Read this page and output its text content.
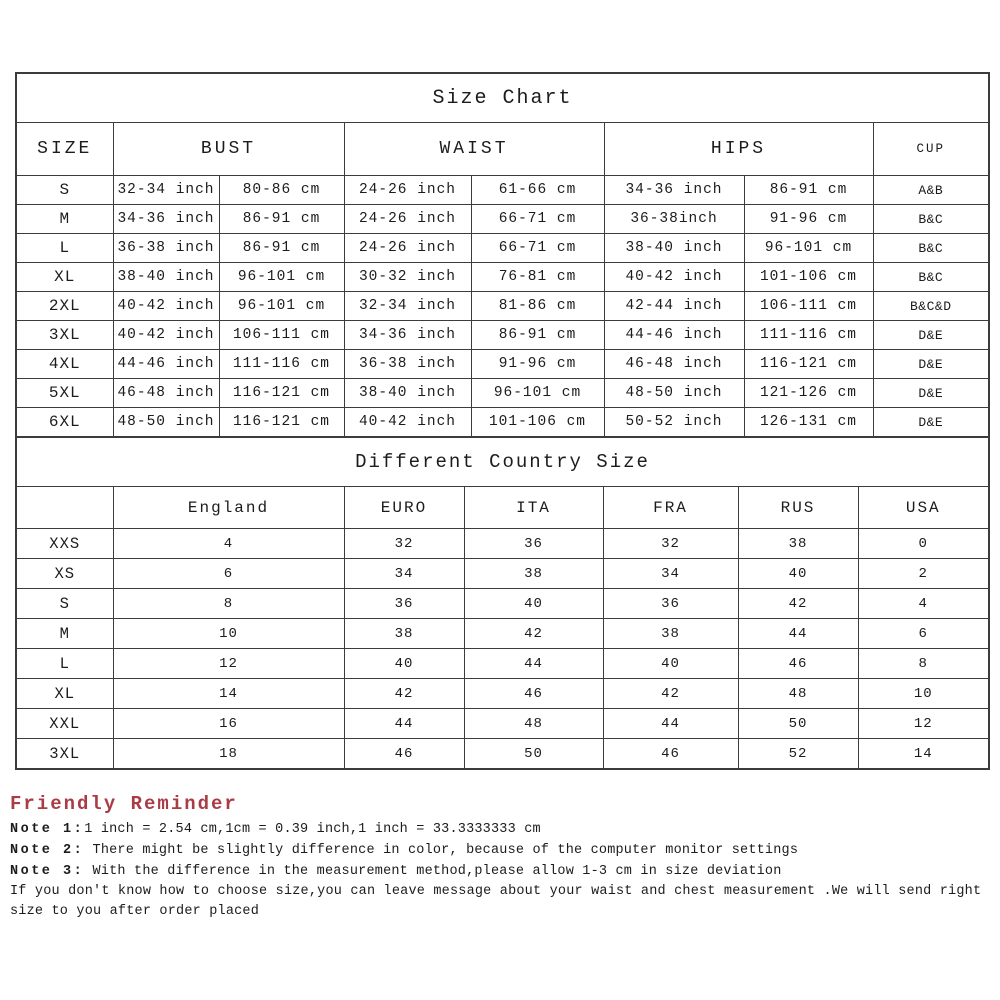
Size Chart							
SIZE	BUST		WAIST		HIPS		CUP
S	32-34 inch	80-86 cm	24-26 inch	61-66 cm	34-36 inch	86-91 cm	A&B
M	34-36 inch	86-91 cm	24-26 inch	66-71 cm	36-38inch	91-96 cm	B&C
L	36-38 inch	86-91 cm	24-26 inch	66-71 cm	38-40 inch	96-101 cm	B&C
XL	38-40 inch	96-101 cm	30-32 inch	76-81 cm	40-42 inch	101-106 cm	B&C
2XL	40-42 inch	96-101 cm	32-34 inch	81-86 cm	42-44 inch	106-111 cm	B&C&D
3XL	40-42 inch	106-111 cm	34-36 inch	86-91 cm	44-46 inch	111-116 cm	D&E
4XL	44-46 inch	111-116 cm	36-38 inch	91-96 cm	46-48 inch	116-121 cm	D&E
5XL	46-48 inch	116-121 cm	38-40 inch	96-101 cm	48-50 inch	121-126 cm	D&E
6XL	48-50 inch	116-121 cm	40-42 inch	101-106 cm	50-52 inch	126-131 cm	D&E
Different Country Size						
	England	EURO	ITA	FRA	RUS	USA
XXS	4	32	36	32	38	0
XS	6	34	38	34	40	2
S	8	36	40	36	42	4
M	10	38	42	38	44	6
L	12	40	44	40	46	8
XL	14	42	46	42	48	10
XXL	16	44	48	44	50	12
3XL	18	46	50	46	52	14
Friendly Reminder
Note 1:1 inch = 2.54 cm,1cm = 0.39 inch,1 inch = 33.3333333 cm
Note 2: There might be slightly difference in color, because of the computer monitor settings
Note 3: With the difference in the measurement method,please allow 1-3 cm in size deviation
If you don't know how to choose size,you can leave message about your waist and chest measurement .We will send right size to you after order placed
